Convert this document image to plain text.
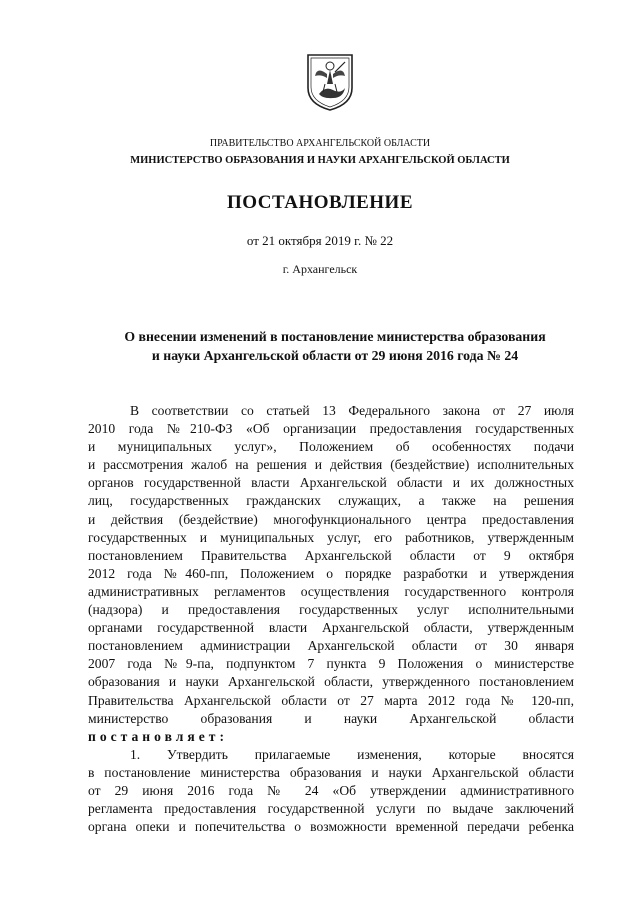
ПРАВИТЕЛЬСТВО АРХАНГЕЛЬСКОЙ ОБЛАСТИ
МИНИСТЕРСТВО ОБРАЗОВАНИЯ И НАУКИ АРХАНГЕЛЬСКОЙ ОБЛАСТИ
ПОСТАНОВЛЕНИЕ
от 21 октября 2019 г. № 22
г. Архангельск
О внесении изменений в постановление министерства образования
и науки Архангельской области от 29 июня 2016 года № 24
В соответствии со статьей 13 Федерального закона от 27 июля
2010 года №210-ФЗ «Об организации предоставления государственных
и муниципальных услуг», Положением об особенностях подачи
и рассмотрения жалоб на решения и действия (бездействие) исполнительных
органов государственной власти Архангельской области и их должностных
лиц, государственных гражданских служащих, а также на решения
и действия (бездействие) многофункционального центра предоставления
государственных и муниципальных услуг, его работников, утвержденным
постановлением Правительства Архангельской области от 9 октября
2012 года №460-пп, Положением о порядке разработки и утверждения
административных регламентов осуществления государственного контроля
(надзора) и предоставления государственных услуг исполнительными
органами государственной власти Архангельской области, утвержденным
постановлением администрации Архангельской области от 30 января
2007 года №9-па, подпунктом 7 пункта 9 Положения о министерстве
образования и науки Архангельской области, утвержденного постановлением
Правительства Архангельской области от 27 марта 2012 года № 120-пп,
министерство образования и науки Архангельской области
постановляет:
1. Утвердить прилагаемые изменения, которые вносятся
в постановление министерства образования и науки Архангельской области
от 29 июня 2016 года № 24 «Об утверждении административного
регламента предоставления государственной услуги по выдаче заключений
органа опеки и попечительства о возможности временной передачи ребенка
